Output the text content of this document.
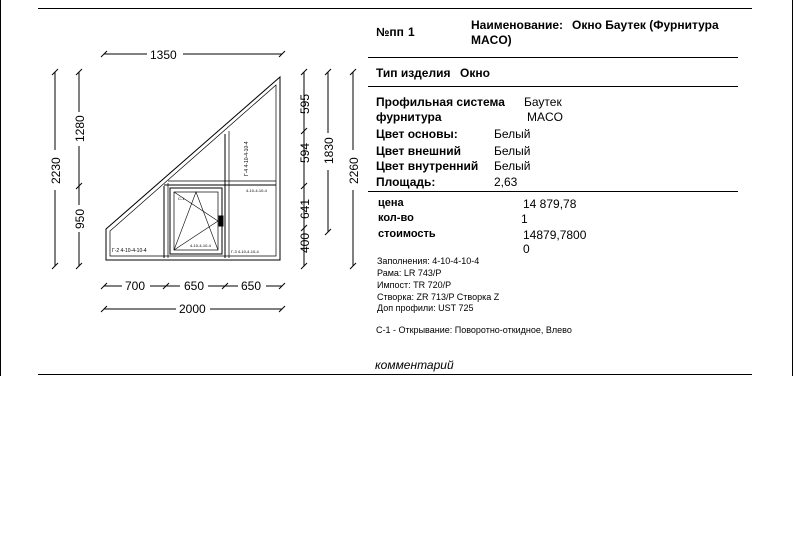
Г-2 4-10-4-10-4	Г-3 4-10-4-10-4
Г-4 4-10-4-10-4
С-1
4-10-4-10-4
4-10-4-10-4
1350
2230
1280
950
595
594
641
400
1830
2260
700	650	650
2000
№пп 1	Наименование: Окно Баутек (Фурнитура
MACO)
Тип изделия Окно
Профильная система Баутек
фурнитура	MACO
Цвет основы:	Белый
Цвет внешний	Белый
Цвет внутренний Белый
Площадь:	2,63
цена	14 879,78
кол-во	1
стоимость	14879,7800
0
Заполнения: 4-10-4-10-4
Рама: LR 743/P
Импост: TR 720/P
Створка: ZR 713/P Створка Z
Доп профили: UST 725
С-1 - Открывание: Поворотно-откидное, Влево
комментарий
